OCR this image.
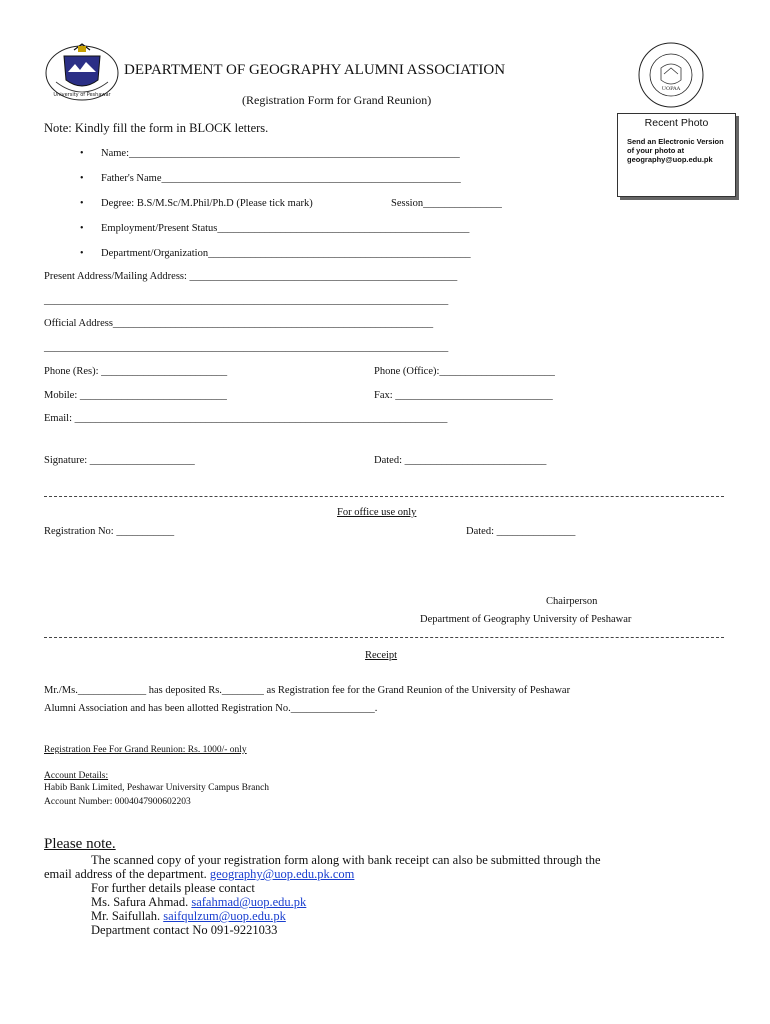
University of Peshawar
UOPAA
DEPARTMENT OF GEOGRAPHY ALUMNI ASSOCIATION
(Registration Form for Grand Reunion)
Recent Photo
Send an Electronic Version of your photo at geography@uop.edu.pk
Note: Kindly fill the form in BLOCK letters.
• Name:_______________________________________________________________
• Father's Name_________________________________________________________
• Degree: B.S/M.Sc/M.Phil/Ph.D (Please tick mark)	Session_______________
• Employment/Present Status________________________________________________
• Department/Organization__________________________________________________
Present Address/Mailing Address: ___________________________________________________
_____________________________________________________________________________
Official Address_____________________________________________________________
_____________________________________________________________________________
Phone (Res): ________________________	Phone (Office):______________________
Mobile: ____________________________	Fax: ______________________________
Email: _______________________________________________________________________
Signature: ____________________	Dated: ___________________________
For office use only
Registration No: ___________	Dated: _______________
Chairperson
Department of Geography University of Peshawar
Receipt
Mr./Ms._____________ has deposited Rs.________ as Registration fee for the Grand Reunion of the University of Peshawar
Alumni Association and has been allotted Registration No.________________.
Registration Fee For Grand Reunion: Rs. 1000/- only
Account Details:
Habib Bank Limited, Peshawar University Campus Branch
Account Number: 0004047900602203
Please note.
The scanned copy of your registration form along with bank receipt can also be submitted through the
email address of the department. geography@uop.edu.pk.com
For further details please contact
Ms. Safura Ahmad. safahmad@uop.edu.pk
Mr. Saifullah. saifqulzum@uop.edu.pk
Department contact No 091-9221033
